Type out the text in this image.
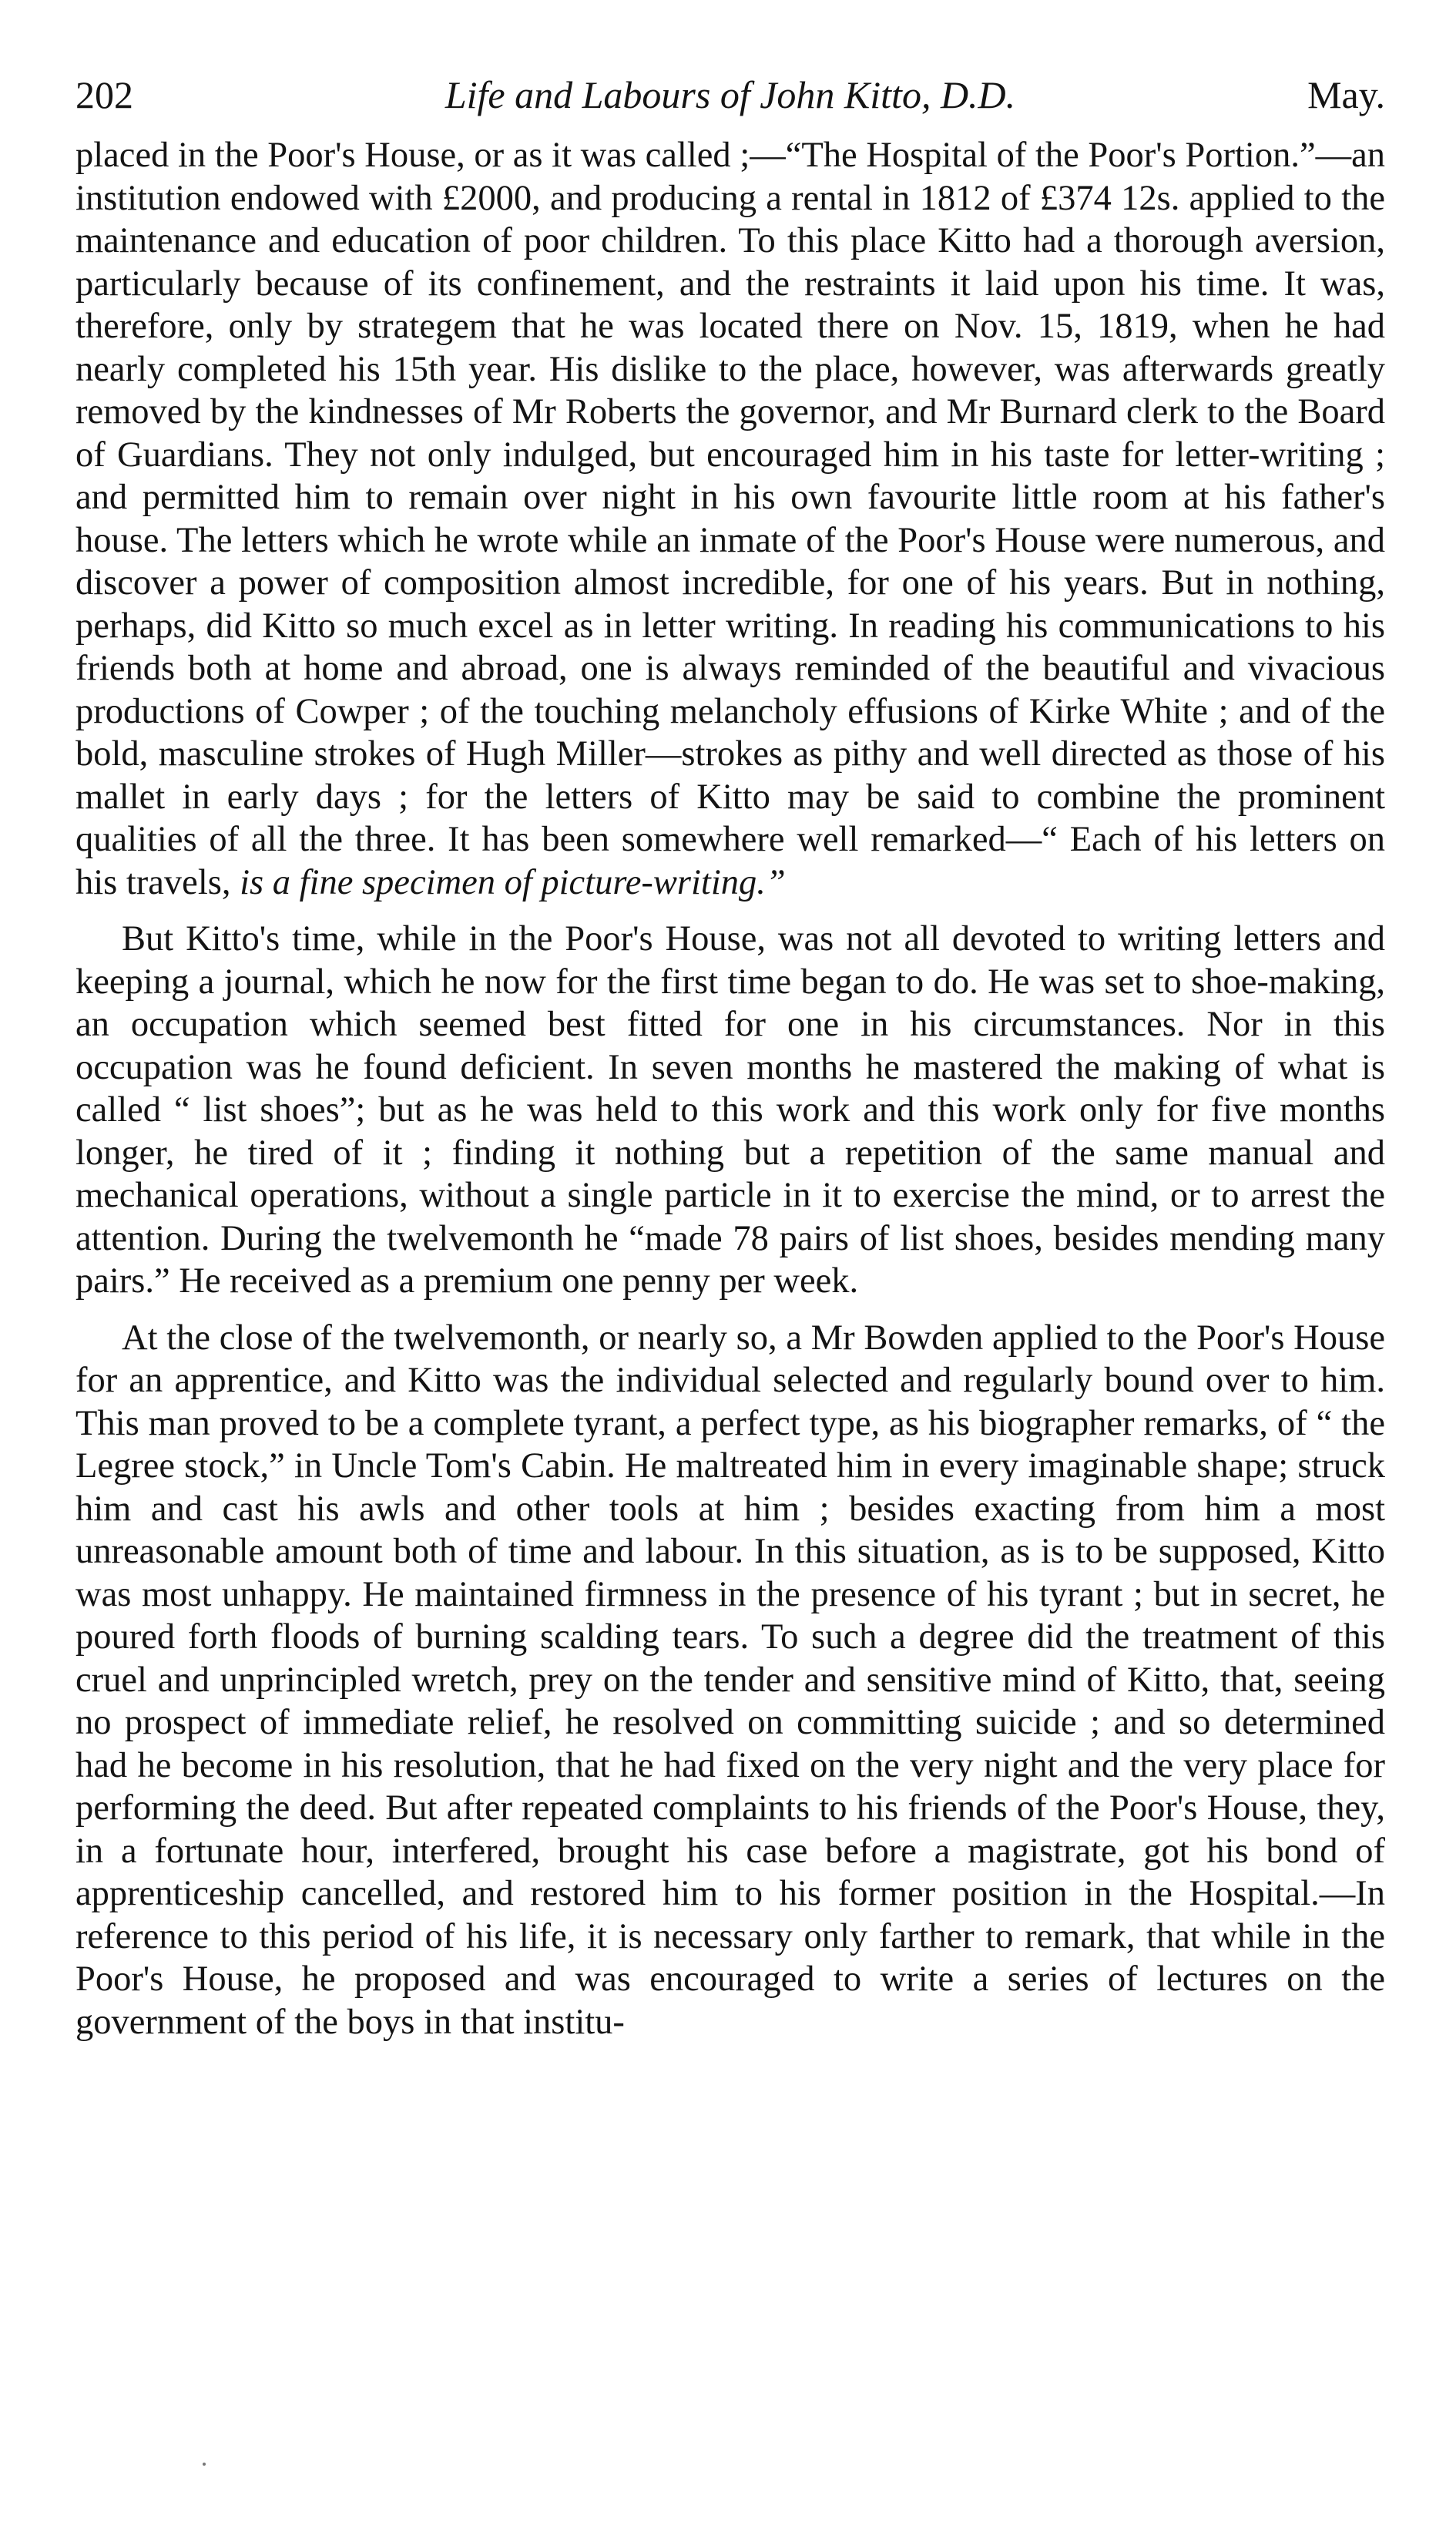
202	Life and Labours of John Kitto, D.D.	May.

placed in the Poor's House, or as it was called ;—“The Hospital of the Poor's Portion.”—an institution endowed with £2000, and producing a rental in 1812 of £374 12s. applied to the maintenance and education of poor children. To this place Kitto had a thorough aversion, particularly because of its confinement, and the restraints it laid upon his time. It was, therefore, only by strategem that he was located there on Nov. 15, 1819, when he had nearly completed his 15th year. His dislike to the place, however, was afterwards greatly removed by the kindnesses of Mr Roberts the governor, and Mr Burnard clerk to the Board of Guardians. They not only indulged, but encouraged him in his taste for letter-writing ; and permitted him to remain over night in his own favourite little room at his father's house. The letters which he wrote while an inmate of the Poor's House were numerous, and discover a power of composition almost incredible, for one of his years. But in nothing, perhaps, did Kitto so much excel as in letter writing. In reading his communications to his friends both at home and abroad, one is always reminded of the beautiful and vivacious productions of Cowper ; of the touching melancholy effusions of Kirke White ; and of the bold, masculine strokes of Hugh Miller—strokes as pithy and well directed as those of his mallet in early days ; for the letters of Kitto may be said to combine the prominent qualities of all the three. It has been somewhere well remarked—“ Each of his letters on his travels, is a fine specimen of picture-writing.”

But Kitto's time, while in the Poor's House, was not all devoted to writing letters and keeping a journal, which he now for the first time began to do. He was set to shoe-making, an occupation which seemed best fitted for one in his circumstances. Nor in this occupation was he found deficient. In seven months he mastered the making of what is called “ list shoes”; but as he was held to this work and this work only for five months longer, he tired of it ; finding it nothing but a repetition of the same manual and mechanical operations, without a single particle in it to exercise the mind, or to arrest the attention. During the twelvemonth he “made 78 pairs of list shoes, besides mending many pairs.” He received as a premium one penny per week.

At the close of the twelvemonth, or nearly so, a Mr Bowden applied to the Poor's House for an apprentice, and Kitto was the individual selected and regularly bound over to him. This man proved to be a complete tyrant, a perfect type, as his biographer remarks, of “ the Legree stock,” in Uncle Tom's Cabin. He maltreated him in every imaginable shape; struck him and cast his awls and other tools at him ; besides exacting from him a most unreasonable amount both of time and labour. In this situation, as is to be supposed, Kitto was most unhappy. He maintained firmness in the presence of his tyrant ; but in secret, he poured forth floods of burning scalding tears. To such a degree did the treatment of this cruel and unprincipled wretch, prey on the tender and sensitive mind of Kitto, that, seeing no prospect of immediate relief, he resolved on committing suicide ; and so determined had he become in his resolution, that he had fixed on the very night and the very place for performing the deed. But after repeated complaints to his friends of the Poor's House, they, in a fortunate hour, interfered, brought his case before a magistrate, got his bond of apprenticeship cancelled, and restored him to his former position in the Hospital.—In reference to this period of his life, it is necessary only farther to remark, that while in the Poor's House, he proposed and was encouraged to write a series of lectures on the government of the boys in that institu-
